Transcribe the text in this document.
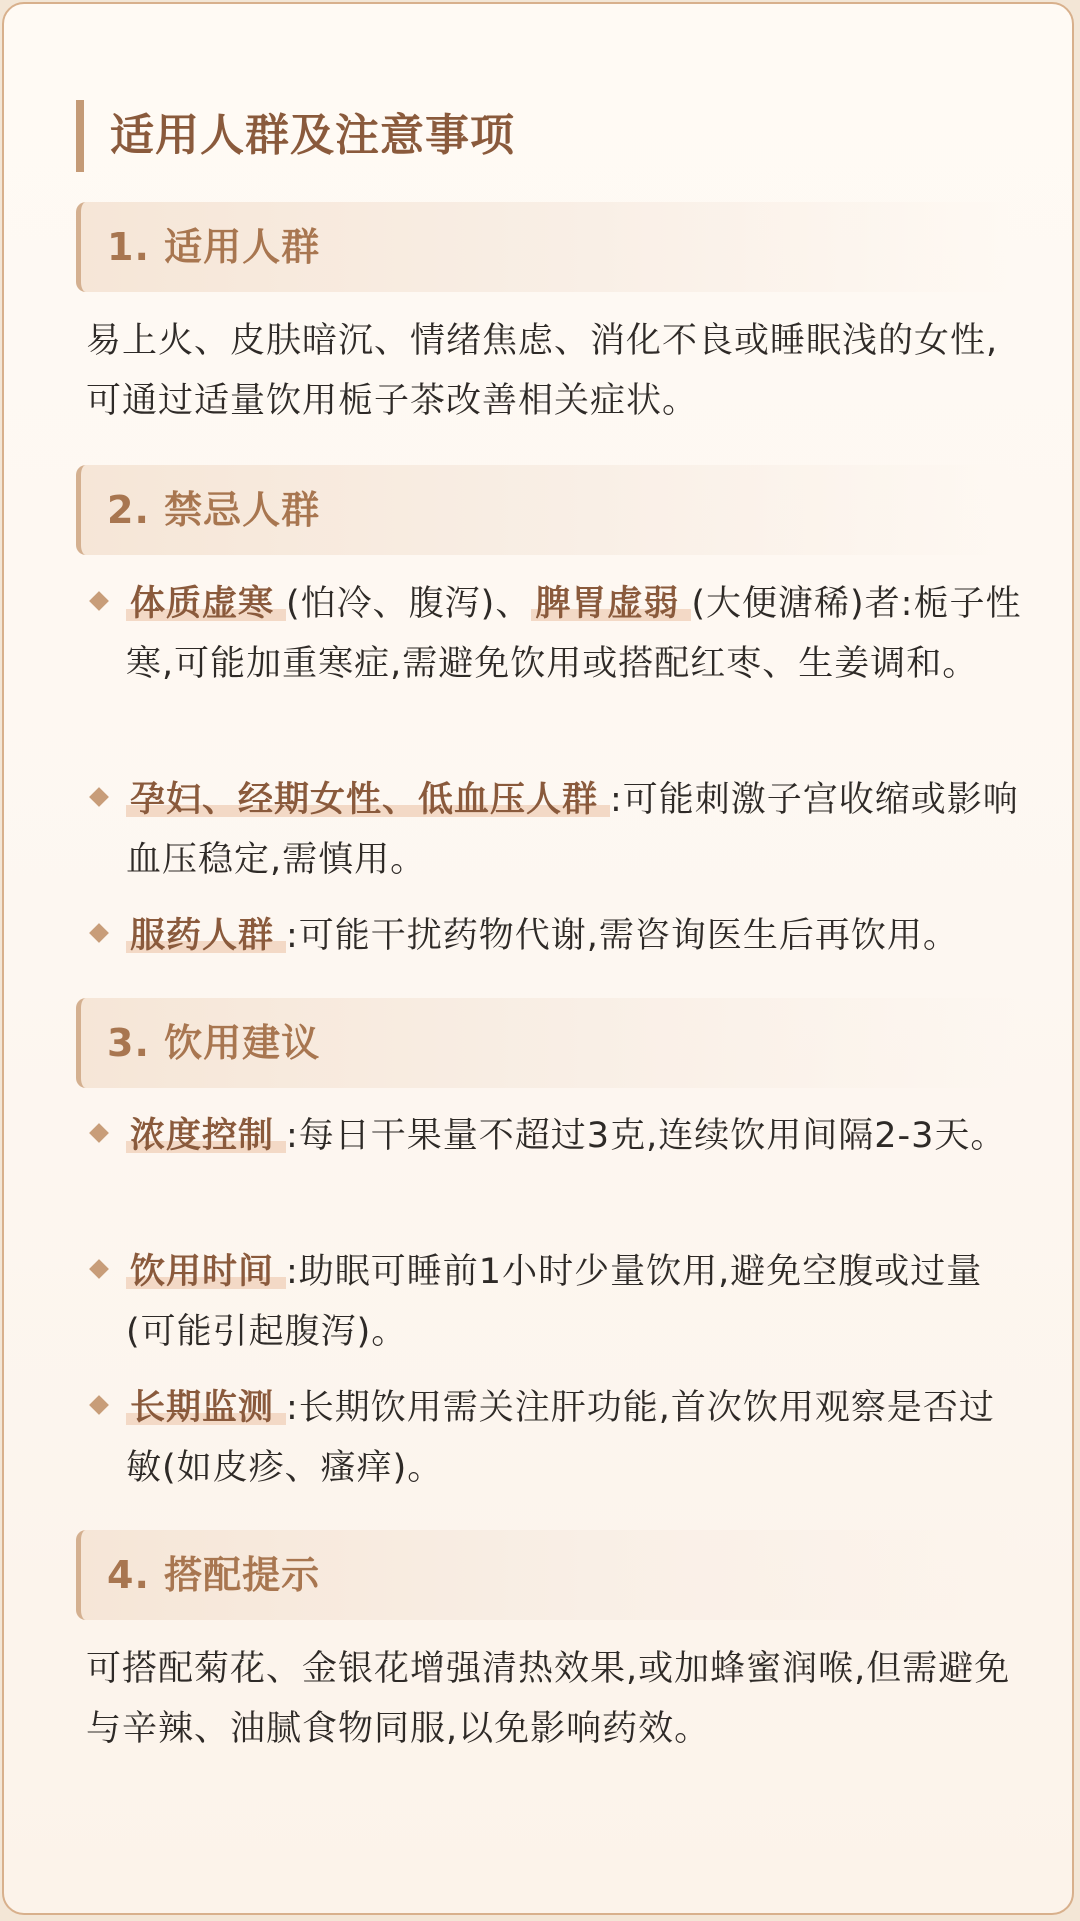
适用人群及注意事项
1. 适用人群
易上火、皮肤暗沉、情绪焦虑、消化不良或睡眠浅的女性,可通过适量饮用栀子茶改善相关症状。
2. 禁忌人群
体质虚寒 (怕冷、腹泻)、 脾胃虚弱 (大便溏稀)者:栀子性寒,可能加重寒症,需避免饮用或搭配红枣、生姜调和。
孕妇、经期女性、低血压人群 :可能刺激子宫收缩或影响血压稳定,需慎用。
服药人群 :可能干扰药物代谢,需咨询医生后再饮用。
3. 饮用建议
浓度控制 :每日干果量不超过3克,连续饮用间隔2-3天。
饮用时间 :助眠可睡前1小时少量饮用,避免空腹或过量(可能引起腹泻)。
长期监测 :长期饮用需关注肝功能,首次饮用观察是否过敏(如皮疹、瘙痒)。
4. 搭配提示
可搭配菊花、金银花增强清热效果,或加蜂蜜润喉,但需避免与辛辣、油腻食物同服,以免影响药效。
